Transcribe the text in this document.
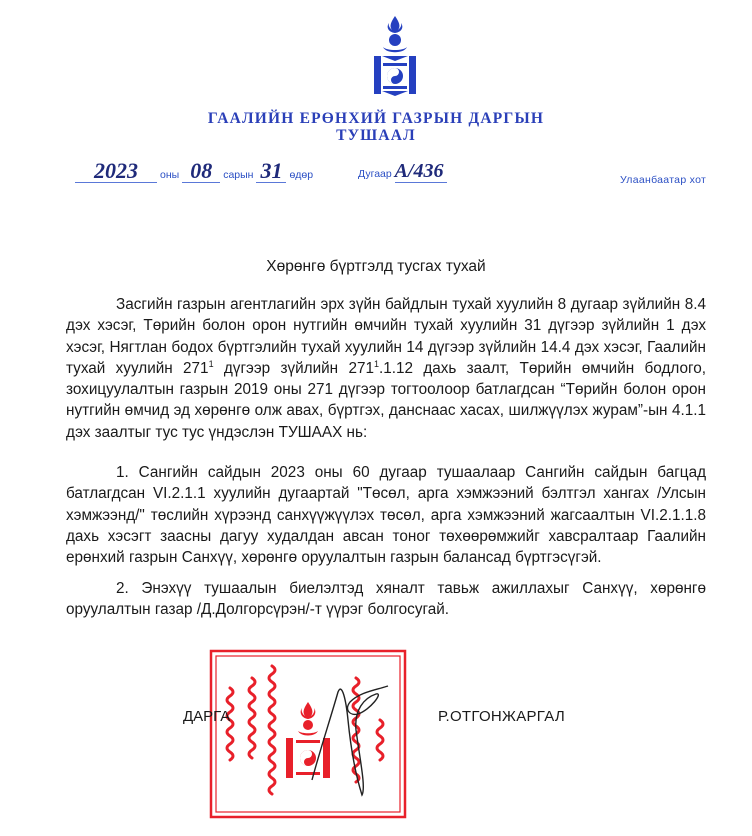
ГААЛИЙН ЕРӨНХИЙ ГАЗРЫН ДАРГЫН
ТУШААЛ
2023 оны 08 сарын 31 өдөр	Дугаар А/436	Улаанбаатар хот
Хөрөнгө бүртгэлд тусгах тухай
Засгийн газрын агентлагийн эрх зүйн байдлын тухай хуулийн 8 дугаар зүйлийн 8.4 дэх хэсэг, Төрийн болон орон нутгийн өмчийн тухай хуулийн 31 дүгээр зүйлийн 1 дэх хэсэг, Нягтлан бодох бүртгэлийн тухай хуулийн 14 дүгээр зүйлийн 14.4 дэх хэсэг, Гаалийн тухай хуулийн $271^1$ дүгээр зүйлийн $271^1.1.12$ дахь заалт, Төрийн өмчийн бодлого, зохицуулалтын газрын 2019 оны 271 дүгээр тогтоолоор батлагдсан “Төрийн болон орон нутгийн өмчид эд хөрөнгө олж авах, бүртгэх, данснаас хасах, шилжүүлэх журам”-ын 4.1.1 дэх заалтыг тус тус үндэслэн ТУШААХ нь:
1. Сангийн сайдын 2023 оны 60 дугаар тушаалаар Сангийн сайдын багцад батлагдсан VI.2.1.1 хуулийн дугаартай "Төсөл, арга хэмжээний бэлтгэл хангах /Улсын хэмжээнд/" төслийн хүрээнд санхүүжүүлэх төсөл, арга хэмжээний жагсаалтын VI.2.1.1.8 дахь хэсэгт заасны дагуу худалдан авсан тоног төхөөрөмжийг хавсралтаар Гаалийн ерөнхий газрын Санхүү, хөрөнгө оруулалтын газрын балансад бүртгэсүгэй.
2. Энэхүү тушаалын биелэлтэд хяналт тавьж ажиллахыг Санхүү, хөрөнгө оруулалтын газар /Д.Долгорсүрэн/-т үүрэг болгосугай.
ДАРГА	Р.ОТГОНЖАРГАЛ
